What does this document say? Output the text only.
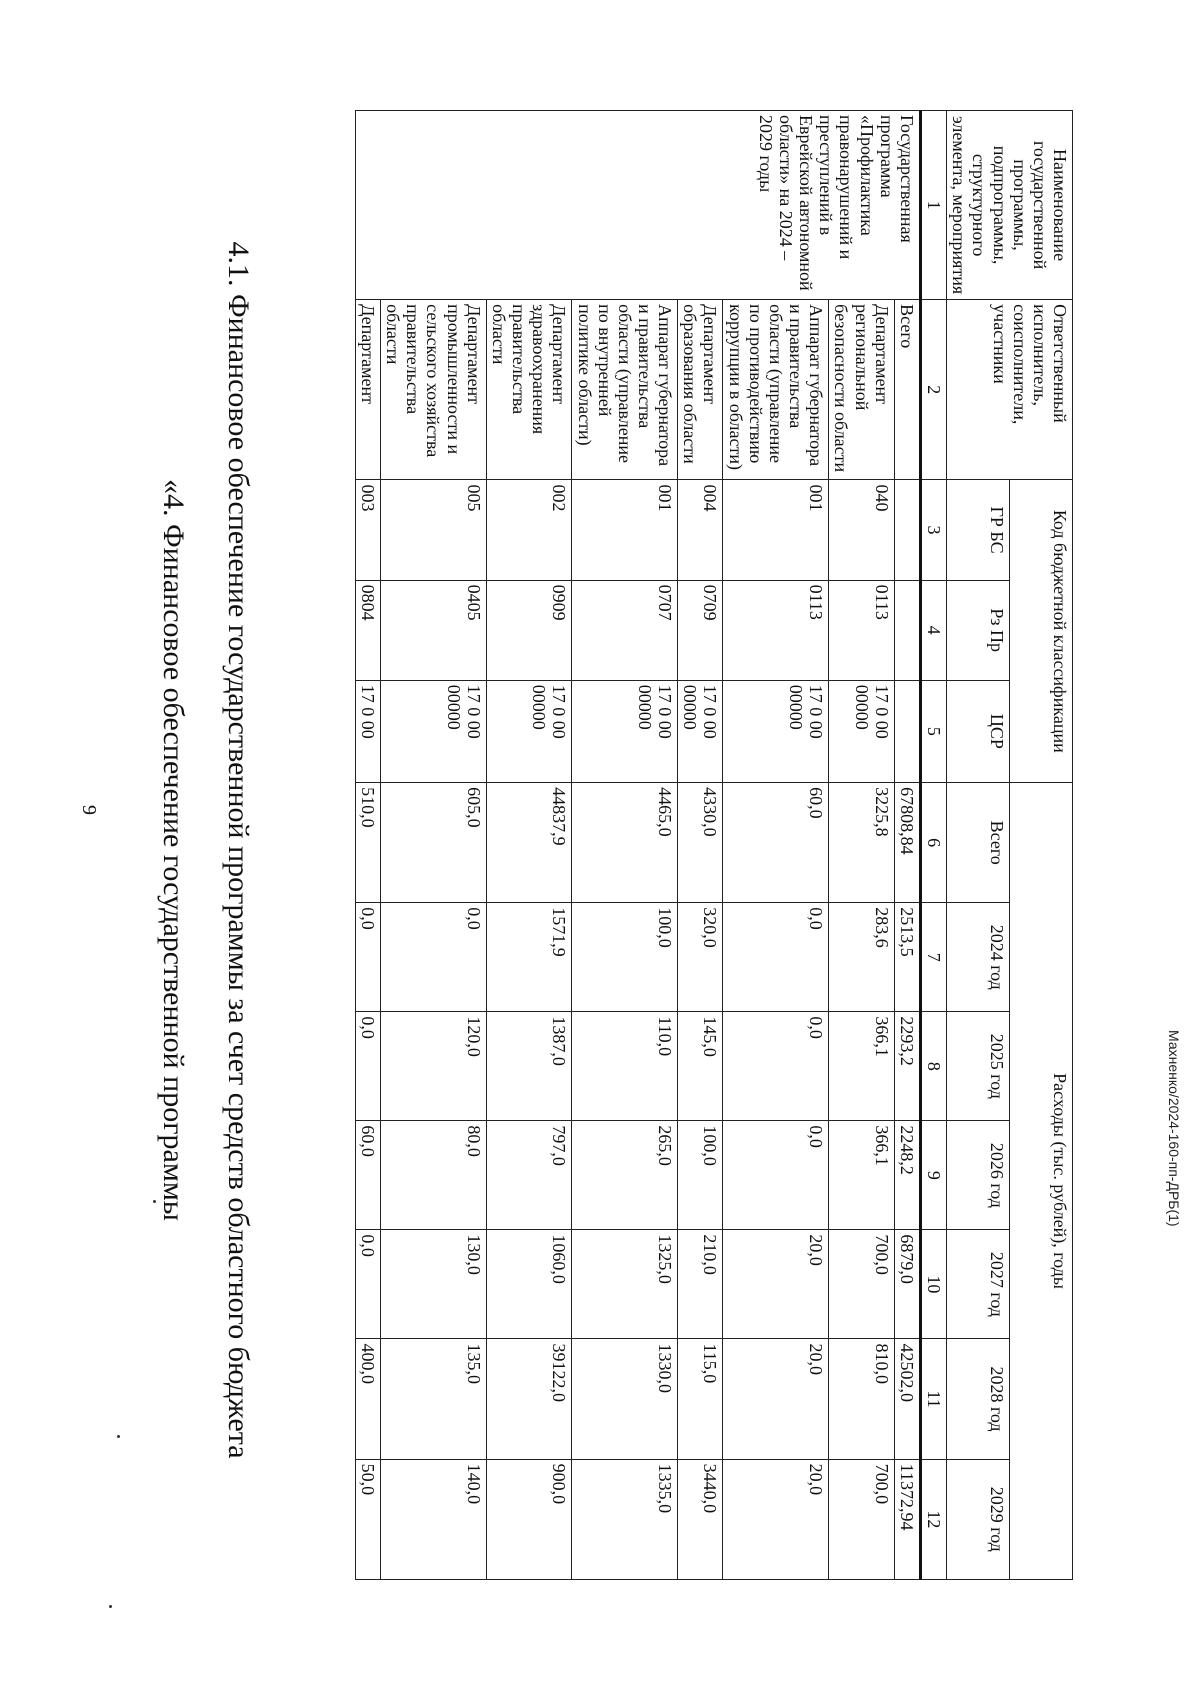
Махненко/2024-160-пп-ДРБ(1)
Наименование государственной программы, подпрограммы, структурного элемента, мероприятия	Ответственный исполнитель, соисполнители, участники	Код бюджетной классификации			Расходы (тыс. рублей), годы						
		ГР БС	Рз Пр	ЦСР	Всего	2024 год	2025 год	2026 год	2027 год	2028 год	2029 год
1	2	3	4	5	6	7	8	9	10	11	12
Государственная программа «Профилактика правонарушений и преступлений в Еврейской автономной области» на 2024 – 2029 годы	Всего				67808,84	2513,5	2293,2	2248,2	6879,0	42502,0	11372,94
	Департамент региональной безопасности области	040	0113	17 0 00 00000	3225,8	283,6	366,1	366,1	700,0	810,0	700,0
	Аппарат губернатора и правительства области (управление по противодействию коррупции в области)	001	0113	17 0 00 00000	60,0	0,0	0,0	0,0	20,0	20,0	20,0
	Департамент образования области	004	0709	17 0 00 00000	4330,0	320,0	145,0	100,0	210,0	115,0	3440,0
	Аппарат губернатора и правительства области (управление по внутренней политике области)	001	0707	17 0 00 00000	4465,0	100,0	110,0	265,0	1325,0	1330,0	1335,0
	Департамент здравоохранения правительства области	002	0909	17 0 00 00000	44837,9	1571,9	1387,0	797,0	1060,0	39122,0	900,0
	Департамент промышленности и сельского хозяйства правительства области	005	0405	17 0 00 00000	605,0	0,0	120,0	80,0	130,0	135,0	140,0
	Департамент	003	0804	17 0 00	510,0	0,0	0,0	60,0	0,0	400,0	50,0
4.1. Финансовое обеспечение государственной программы за счет средств областного бюджета
«4. Финансовое обеспечение государственной программы
9
